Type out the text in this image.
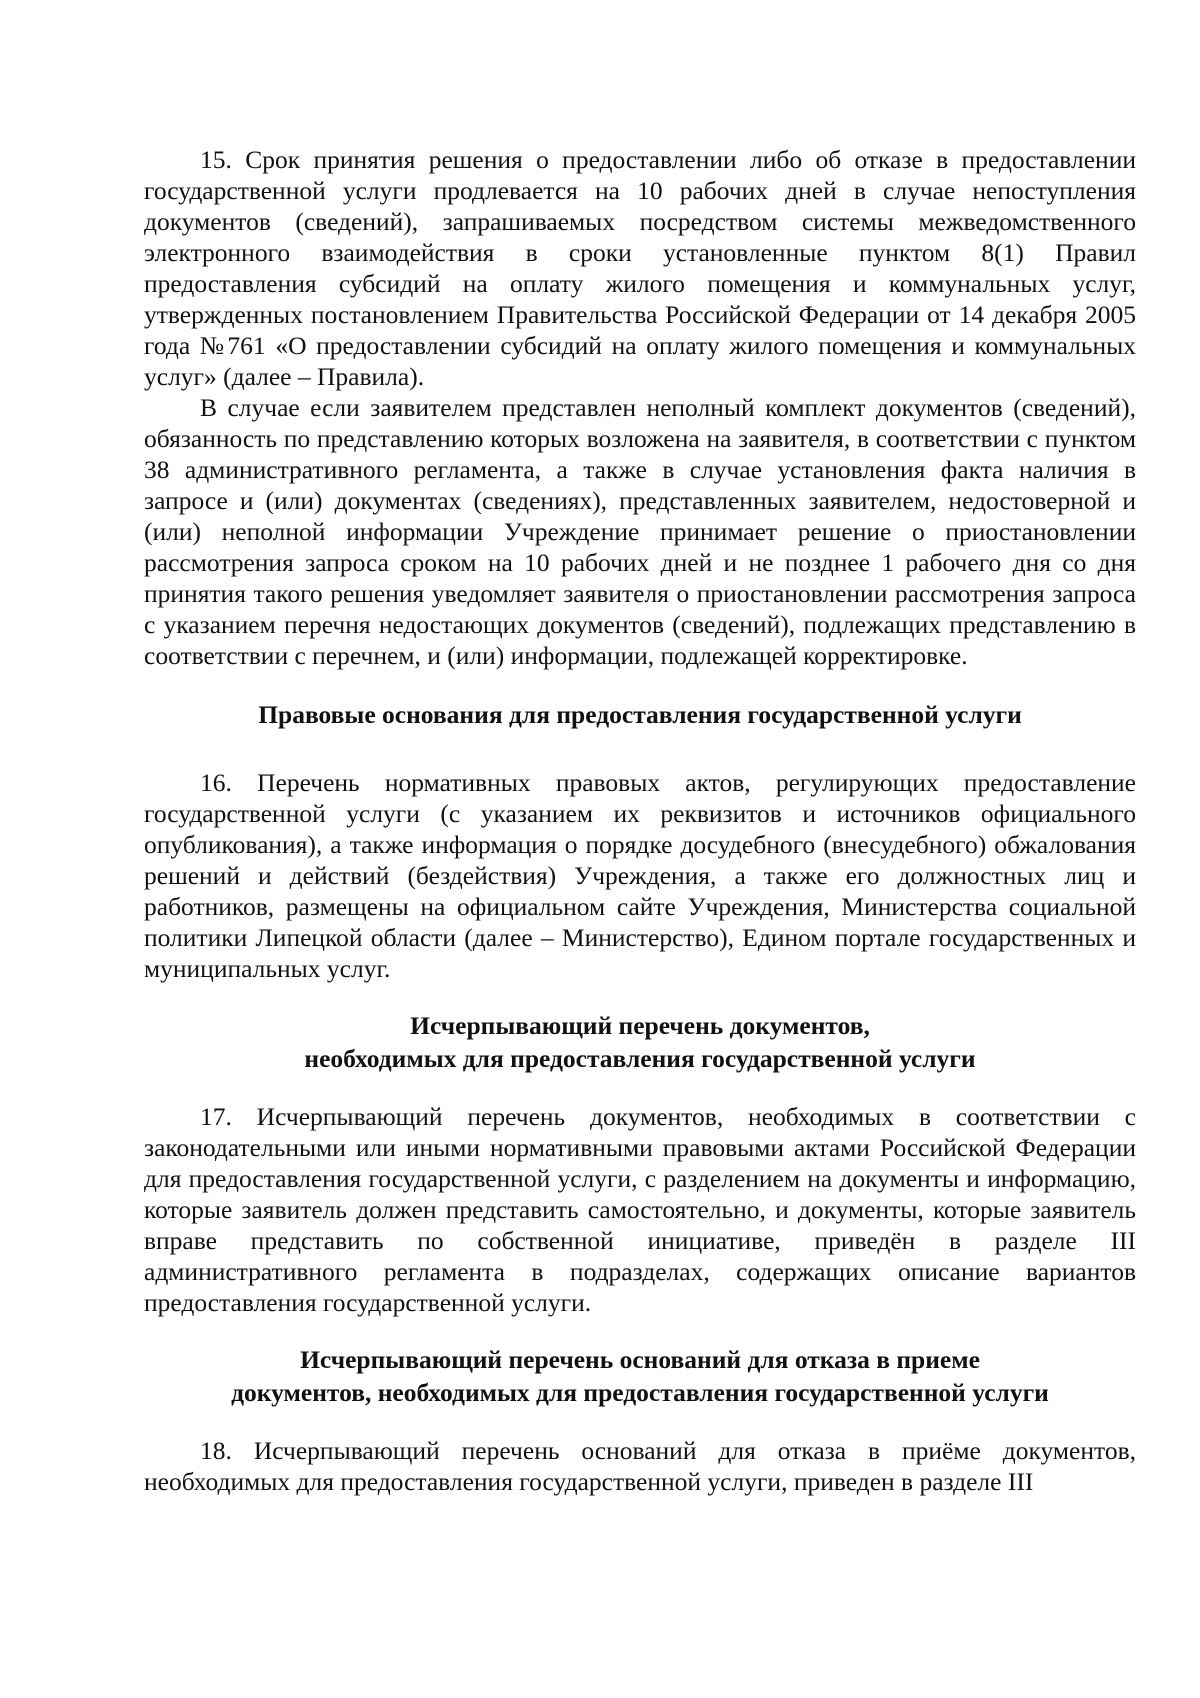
15. Срок принятия решения о предоставлении либо об отказе в предоставлении государственной услуги продлевается на 10 рабочих дней в случае непоступления документов (сведений), запрашиваемых посредством системы межведомственного электронного взаимодействия в сроки установленные пунктом 8(1) Правил предоставления субсидий на оплату жилого помещения и коммунальных услуг, утвержденных постановлением Правительства Российской Федерации от 14 декабря 2005 года №761 «О предоставлении субсидий на оплату жилого помещения и коммунальных услуг» (далее – Правила).

В случае если заявителем представлен неполный комплект документов (сведений), обязанность по представлению которых возложена на заявителя, в соответствии с пунктом 38 административного регламента, а также в случае установления факта наличия в запросе и (или) документах (сведениях), представленных заявителем, недостоверной и (или) неполной информации Учреждение принимает решение о приостановлении рассмотрения запроса сроком на 10 рабочих дней и не позднее 1 рабочего дня со дня принятия такого решения уведомляет заявителя о приостановлении рассмотрения запроса с указанием перечня недостающих документов (сведений), подлежащих представлению в соответствии с перечнем, и (или) информации, подлежащей корректировке.

Правовые основания для предоставления государственной услуги

16. Перечень нормативных правовых актов, регулирующих предоставление государственной услуги (с указанием их реквизитов и источников официального опубликования), а также информация о порядке досудебного (внесудебного) обжалования решений и действий (бездействия) Учреждения, а также его должностных лиц и работников, размещены на официальном сайте Учреждения, Министерства социальной политики Липецкой области (далее – Министерство), Едином портале государственных и муниципальных услуг.

Исчерпывающий перечень документов,
необходимых для предоставления государственной услуги

17. Исчерпывающий перечень документов, необходимых в соответствии с законодательными или иными нормативными правовыми актами Российской Федерации для предоставления государственной услуги, с разделением на документы и информацию, которые заявитель должен представить самостоятельно, и документы, которые заявитель вправе представить по собственной инициативе, приведён в разделе III административного регламента в подразделах, содержащих описание вариантов предоставления государственной услуги.

Исчерпывающий перечень оснований для отказа в приеме
документов, необходимых для предоставления государственной услуги

18. Исчерпывающий перечень оснований для отказа в приёме документов, необходимых для предоставления государственной услуги, приведен в разделе III
